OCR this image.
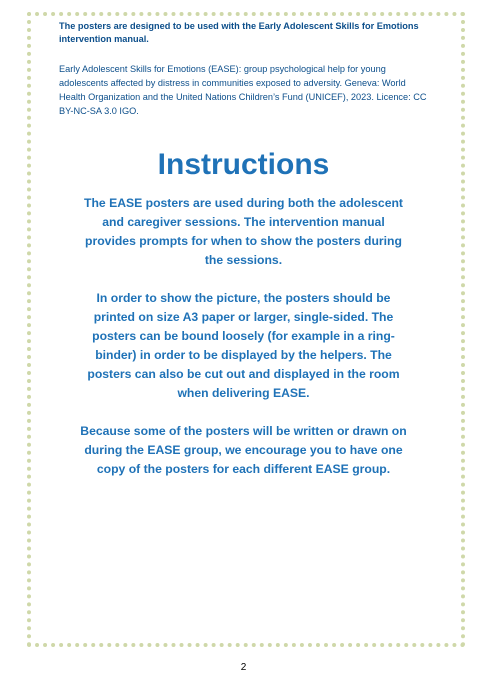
The posters are designed to be used with the Early Adolescent Skills for Emotions intervention manual.

Early Adolescent Skills for Emotions (EASE): group psychological help for young adolescents affected by distress in communities exposed to adversity. Geneva: World Health Organization and the United Nations Children’s Fund (UNICEF), 2023. Licence: CC BY-NC-SA 3.0 IGO.

Instructions

The EASE posters are used during both the adolescent and caregiver sessions. The intervention manual provides prompts for when to show the posters during the sessions.

In order to show the picture, the posters should be printed on size A3 paper or larger, single-sided. The posters can be bound loosely (for example in a ring-binder) in order to be displayed by the helpers. The posters can also be cut out and displayed in the room when delivering EASE.

Because some of the posters will be written or drawn on during the EASE group, we encourage you to have one copy of the posters for each different EASE group.

2
